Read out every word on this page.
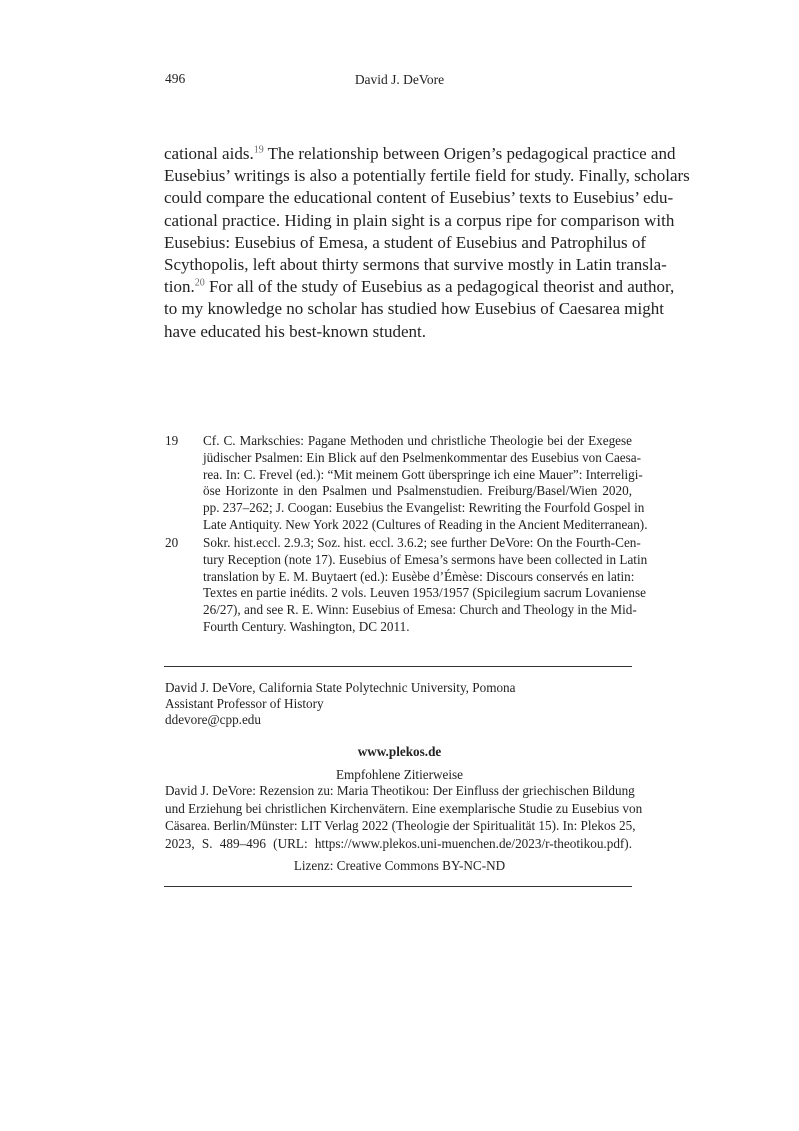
496	David J. DeVore
cational aids.$^{19}$ The relationship between Origen’s pedagogical practice and
Eusebius’ writings is also a potentially fertile field for study. Finally, scholars
could compare the educational content of Eusebius’ texts to Eusebius’ edu-
cational practice. Hiding in plain sight is a corpus ripe for comparison with
Eusebius: Eusebius of Emesa, a student of Eusebius and Patrophilus of
Scythopolis, left about thirty sermons that survive mostly in Latin transla-
tion.$^{20}$ For all of the study of Eusebius as a pedagogical theorist and author,
to my knowledge no scholar has studied how Eusebius of Caesarea might
have educated his best-known student.
19 Cf. C. Markschies: Pagane Methoden und christliche Theologie bei der Exegese
jüdischer Psalmen: Ein Blick auf den Pselmenkommentar des Eusebius von Caesa-
rea. In: C. Frevel (ed.): “Mit meinem Gott überspringe ich eine Mauer”: Interreligi-
öse Horizonte in den Psalmen und Psalmenstudien. Freiburg/Basel/Wien 2020,
pp. 237–262; J. Coogan: Eusebius the Evangelist: Rewriting the Fourfold Gospel in
Late Antiquity. New York 2022 (Cultures of Reading in the Ancient Mediterranean).
20 Sokr. hist.eccl. 2.9.3; Soz. hist. eccl. 3.6.2; see further DeVore: On the Fourth-Cen-
tury Reception (note 17). Eusebius of Emesa’s sermons have been collected in Latin
translation by E. M. Buytaert (ed.): Eusèbe d’Émèse: Discours conservés en latin:
Textes en partie inédits. 2 vols. Leuven 1953/1957 (Spicilegium sacrum Lovaniense
26/27), and see R. E. Winn: Eusebius of Emesa: Church and Theology in the Mid-
Fourth Century. Washington, DC 2011.
David J. DeVore, California State Polytechnic University, Pomona
Assistant Professor of History
ddevore@cpp.edu
www.plekos.de
Empfohlene Zitierweise
David J. DeVore: Rezension zu: Maria Theotikou: Der Einfluss der griechischen Bildung
und Erziehung bei christlichen Kirchenvätern. Eine exemplarische Studie zu Eusebius von
Cäsarea. Berlin/Münster: LIT Verlag 2022 (Theologie der Spiritualität 15). In: Plekos 25,
2023, S. 489–496 (URL: https://www.plekos.uni-muenchen.de/2023/r-theotikou.pdf).
Lizenz: Creative Commons BY-NC-ND
